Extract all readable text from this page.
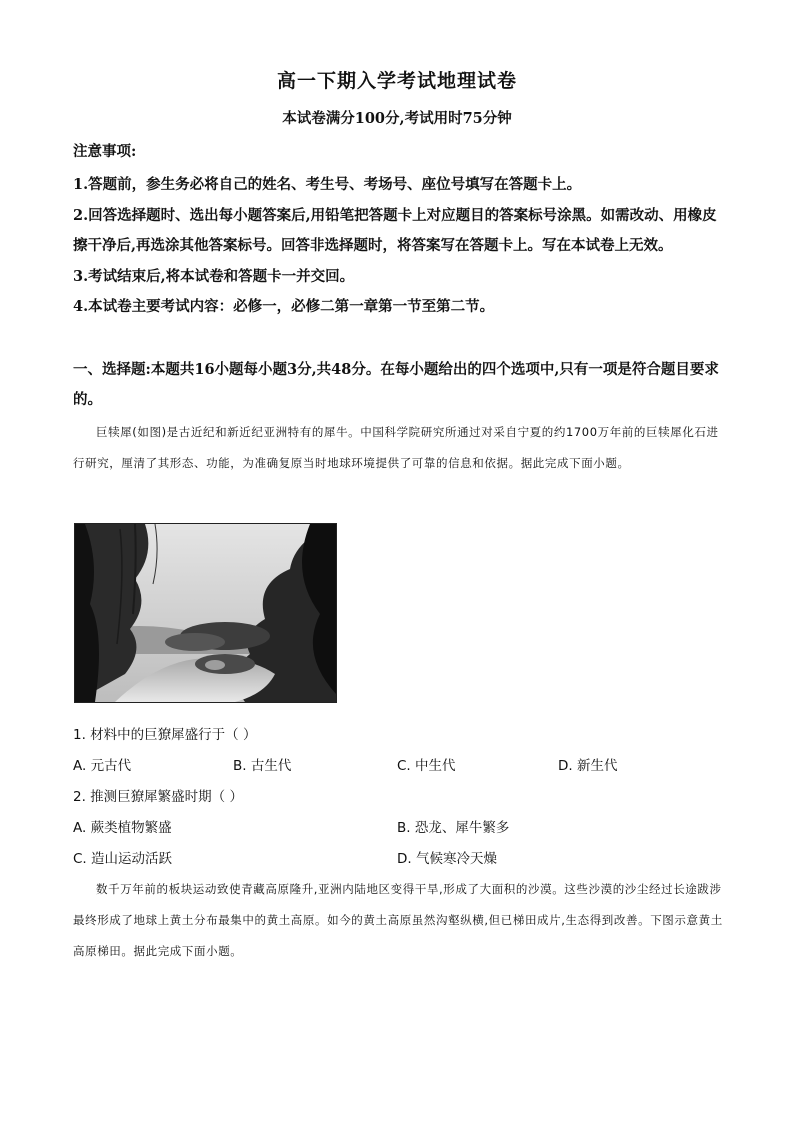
高一下期入学考试地理试卷
本试卷满分100分,考试用时75分钟
注意事项:

1.答题前，参生务必将自己的姓名、考生号、考场号、座位号填写在答题卡上。

2.回答选择题时、选出每小题答案后,用铅笔把答题卡上对应题目的答案标号涂黑。如需改动、用橡皮擦干净后,再选涂其他答案标号。回答非选择题时，将答案写在答题卡上。写在本试卷上无效。

3.考试结束后,将本试卷和答题卡一并交回。

4.本试卷主要考试内容：必修一，必修二第一章第一节至第二节。

一、选择题:本题共16小题每小题3分,共48分。在每小题给出的四个选项中,只有一项是符合题目要求的。

巨犊犀(如图)是古近纪和新近纪亚洲特有的犀牛。中国科学院研究所通过对采自宁夏的约1700万年前的巨犊犀化石进行研究，厘清了其形态、功能，为准确复原当时地球环境提供了可靠的信息和依据。据此完成下面小题。

1. 材料中的巨獠犀盛行于（ ）
A. 元古代	B. 古生代	C. 中生代	D. 新生代
2. 推测巨獠犀繁盛时期（ ）
A. 蕨类植物繁盛	B. 恐龙、犀牛繁多
C. 造山运动活跃	D. 气候寒冷天燥

数千万年前的板块运动致使青藏高原隆升,亚洲内陆地区变得干旱,形成了大面积的沙漠。这些沙漠的沙尘经过长途跋涉最终形成了地球上黄土分布最集中的黄土高原。如今的黄土高原虽然沟壑纵横,但已梯田成片,生态得到改善。下图示意黄土高原梯田。据此完成下面小题。
